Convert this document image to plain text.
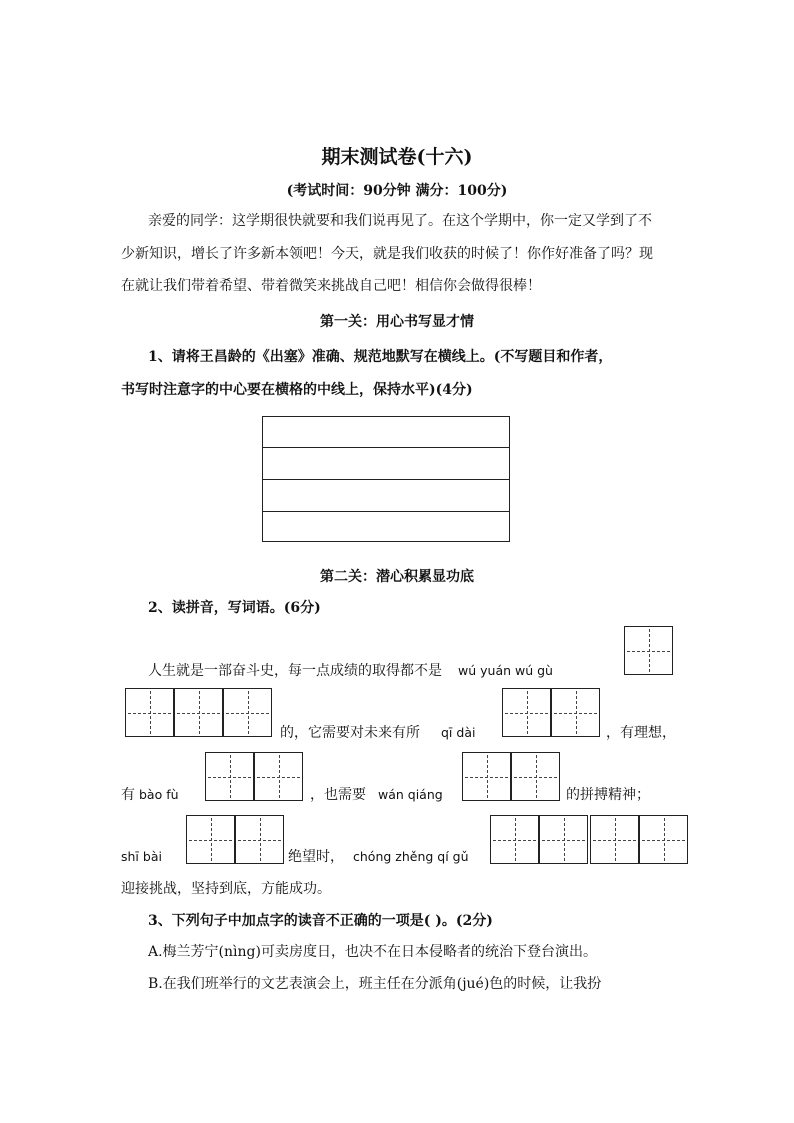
期末测试卷(十六)
(考试时间：90分钟 满分：100分)
亲爱的同学：这学期很快就要和我们说再见了。在这个学期中，你一定又学到了不
少新知识，增长了许多新本领吧！今天，就是我们收获的时候了！你作好准备了吗？现
在就让我们带着希望、带着微笑来挑战自己吧！相信你会做得很棒！
第一关：用心书写显才情
1、请将王昌龄的《出塞》准确、规范地默写在横线上。(不写题目和作者，
书写时注意字的中心要在横格的中线上，保持水平)(4分)
第二关：潜心积累显功底
2、读拼音，写词语。(6分)
人生就是一部奋斗史，每一点成绩的取得都不是 wú yuán wú gù
的，它需要对未来有所 qī dài	，有理想，
有 bào fù	，也需要 wán qiáng	的拼搏精神；
shī bài	绝望时， chóng zhěng qí gǔ
迎接挑战，坚持到底，方能成功。
3、下列句子中加点字的读音不正确的一项是( )。(2分)
A.梅兰芳宁(nìng)可卖房度日，也决不在日本侵略者的统治下登台演出。
B.在我们班举行的文艺表演会上，班主任在分派角(jué)色的时候，让我扮
